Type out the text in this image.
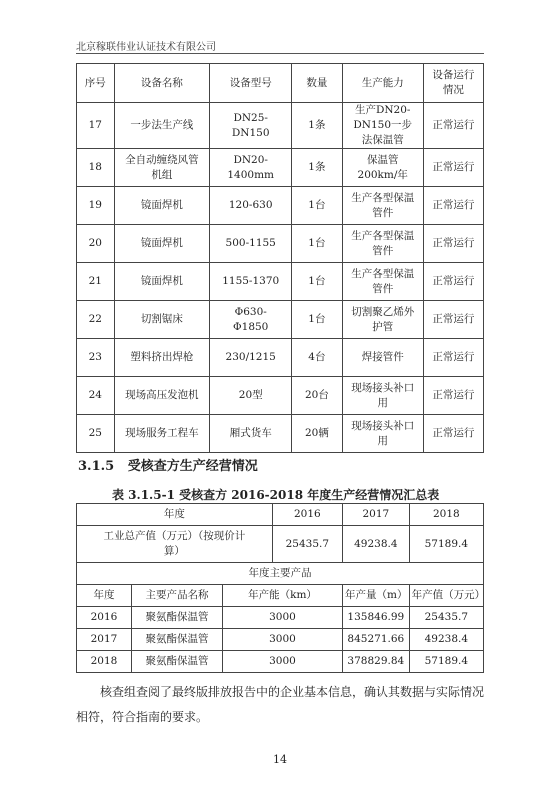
北京稼联伟业认证技术有限公司
序号	设备名称	设备型号	数量	生产能力	设备运行情况
17	一步法生产线	DN25-DN150	1条	生产DN20-DN150一步法保温管	正常运行
18	全自动缠绕风管机组	DN20-1400mm	1条	保温管200km/年	正常运行
19	镜面焊机	120-630	1台	生产各型保温管件	正常运行
20	镜面焊机	500-1155	1台	生产各型保温管件	正常运行
21	镜面焊机	1155-1370	1台	生产各型保温管件	正常运行
22	切割锯床	Φ630-Φ1850	1台	切割聚乙烯外护管	正常运行
23	塑料挤出焊枪	230/1215	4台	焊接管件	正常运行
24	现场高压发泡机	20型	20台	现场接头补口用	正常运行
25	现场服务工程车	厢式货车	20辆	现场接头补口用	正常运行
3.1.5 受核查方生产经营情况
表 3.1.5-1 受核查方 2016-2018 年度生产经营情况汇总表
年度			2016	2017	2018
工业总产值（万元）（按现价计算）			25435.7	49238.4	57189.4
年度主要产品					
年度	主要产品名称	年产能（km）		年产量（m）	年产值（万元）
2016	聚氨酯保温管	3000		135846.99	25435.7
2017	聚氨酯保温管	3000		845271.66	49238.4
2018	聚氨酯保温管	3000		378829.84	57189.4
核查组查阅了最终版排放报告中的企业基本信息，确认其数据与实际情况相符，符合指南的要求。
14
